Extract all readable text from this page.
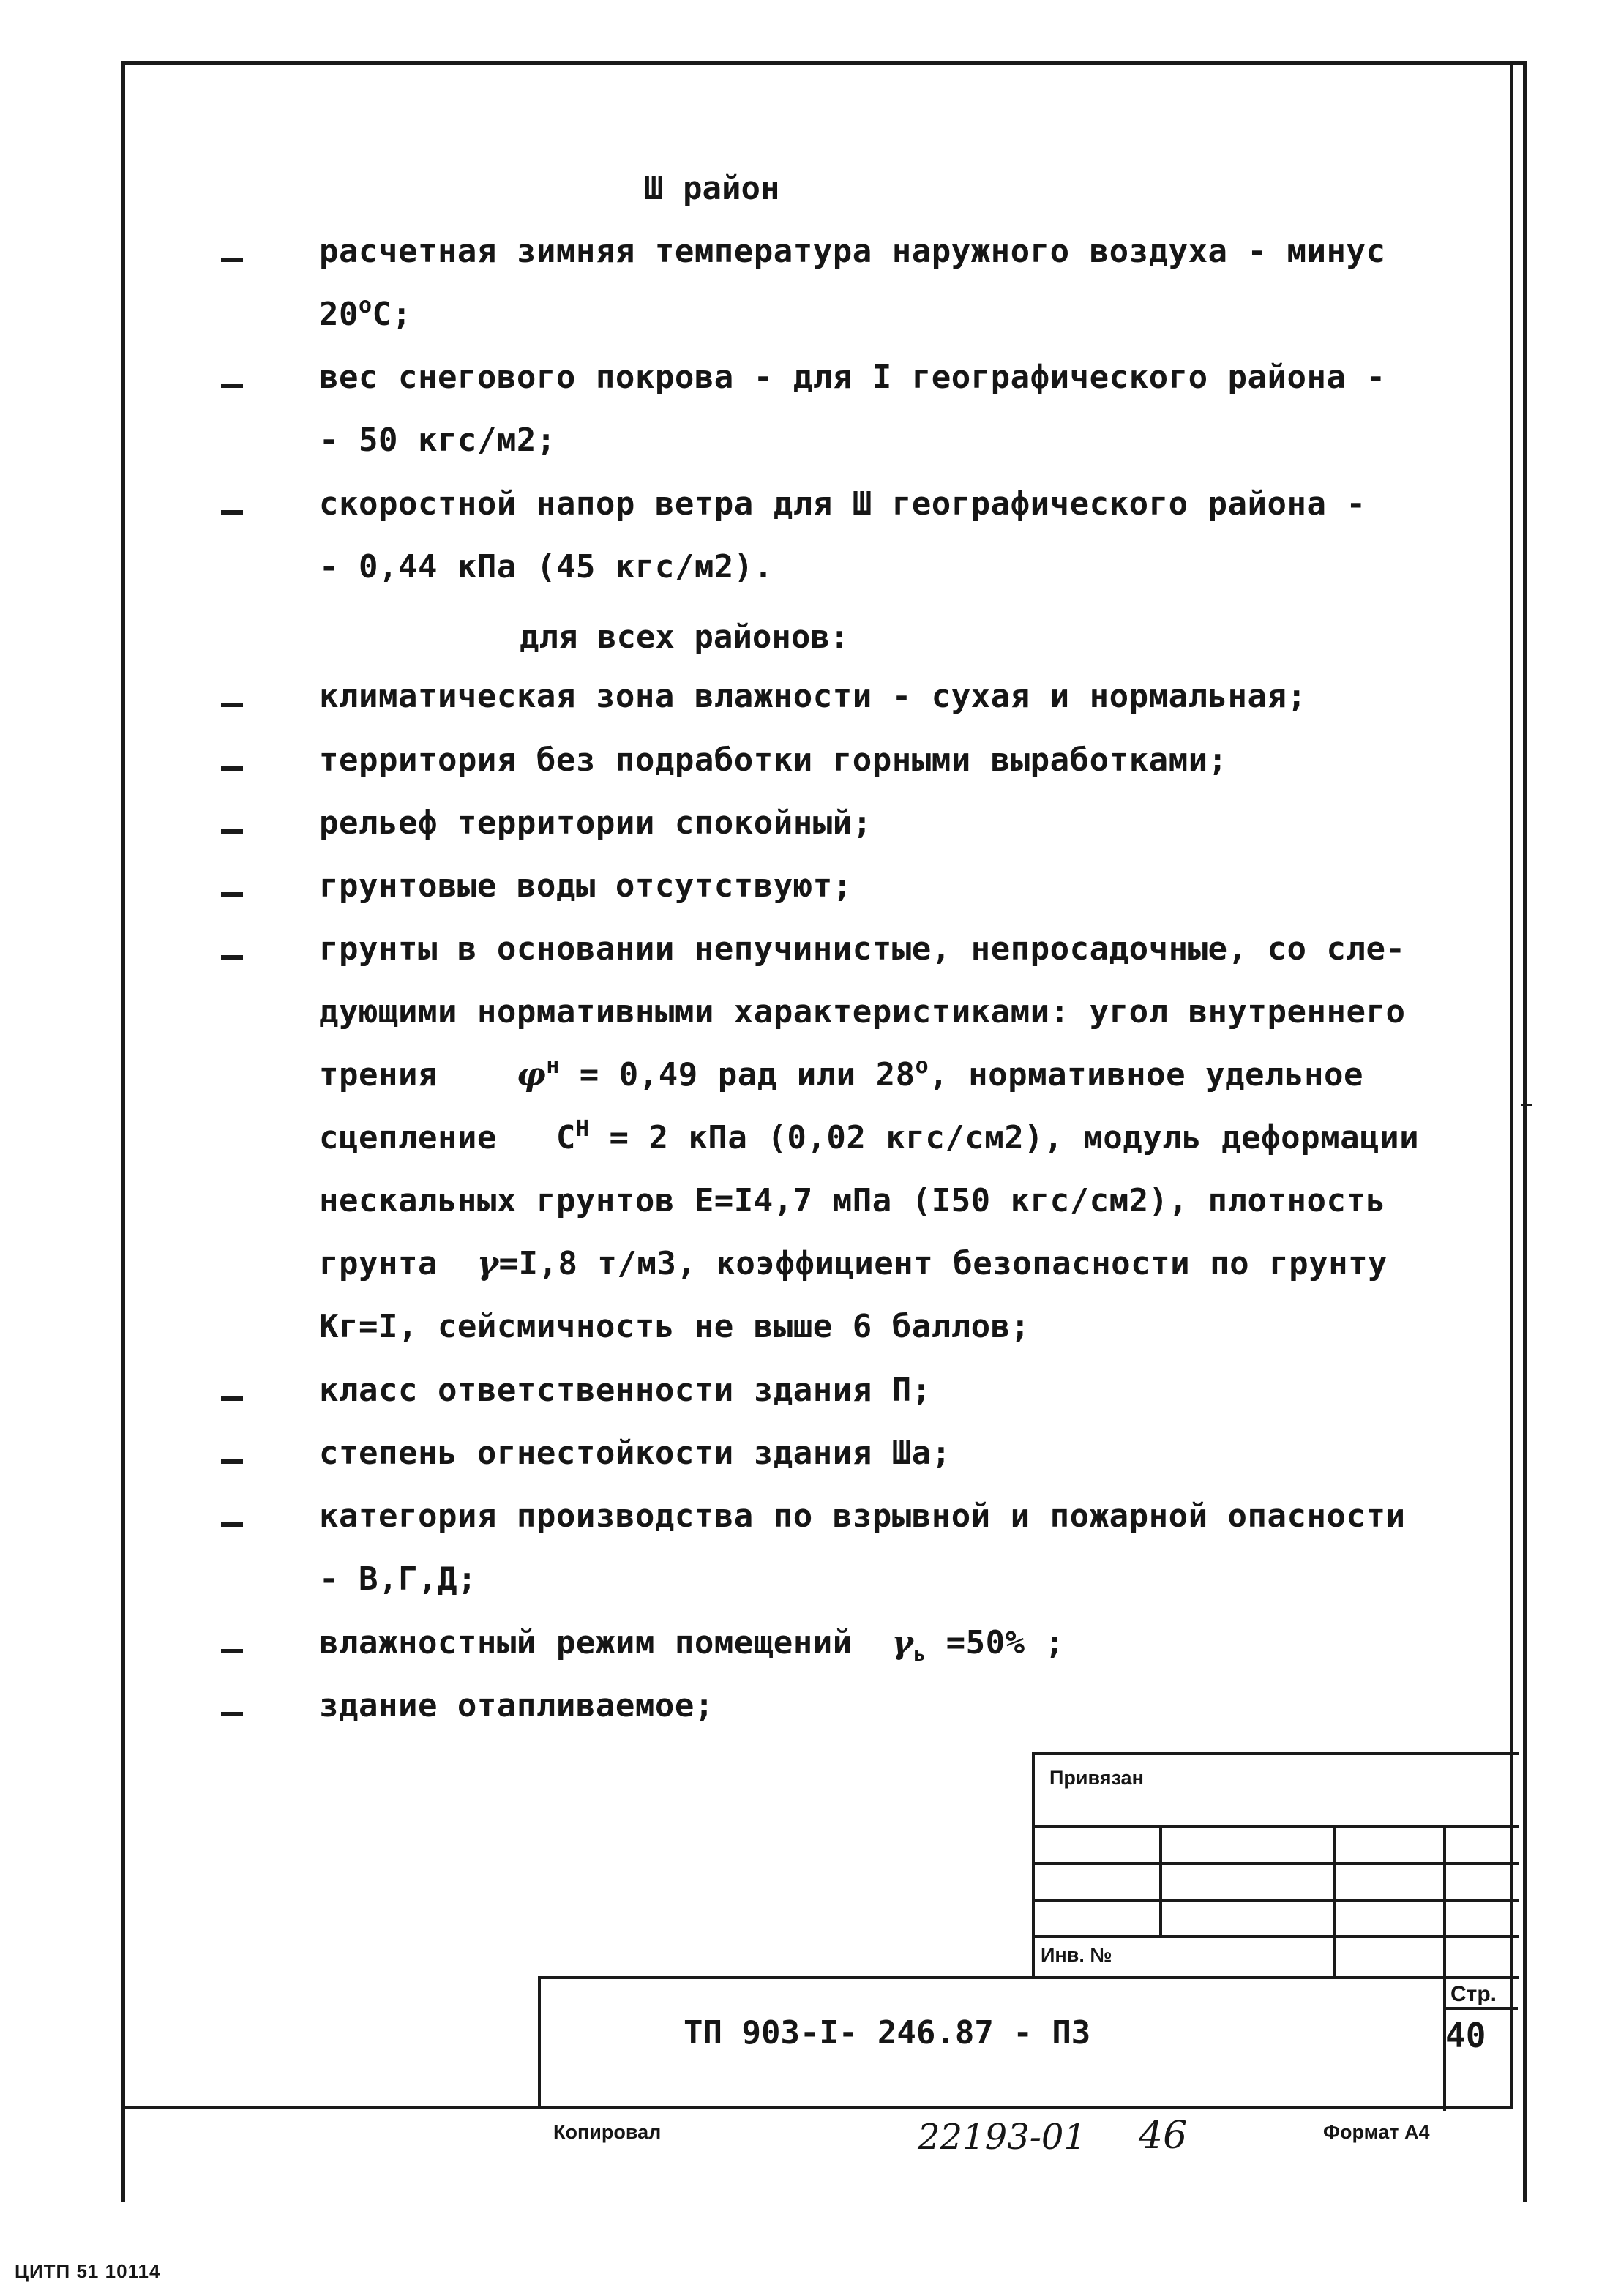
Ш район
расчетная зимняя температура наружного воздуха - минус
20$^o$С;
вес снегового покрова - для I географического района -
- 50 кгс/м2;
скоростной напор ветра для Ш географического района -
- 0,44 кПа (45 кгс/м2).
для всех районов:
климатическая зона влажности - сухая и нормальная;
территория без подработки горными выработками;
рельеф территории спокойный;
грунтовые воды отсутствуют;
грунты в основании непучинистые, непросадочные, со сле-
дующими нормативными характеристиками: угол внутреннего
трения $\varphi^н = 0,49$ рад или 28$^o$, нормативное удельное
сцепление $С^Н = 2$ кПа (0,02 кгс/см2), модуль деформации
нескальных грунтов Е=I4,7 мПа (I50 кгс/см2), плотность
грунта γ=I,8 т/м3, коэффициент безопасности по грунту
Кг=I, сейсмичность не выше 6 баллов;
класс ответственности здания П;
степень огнестойкости здания Ша;
категория производства по взрывной и пожарной опасности
- В,Г,Д;
влажностный режим помещений $\gamma_ь =50\%$ ;
здание отапливаемое;
Привязан
Инв. №
Стр.
ТП 903-I- 246.87 - ПЗ	40
Копировал	22193-01 46	Формат А4
ЦИТП 51 10114
